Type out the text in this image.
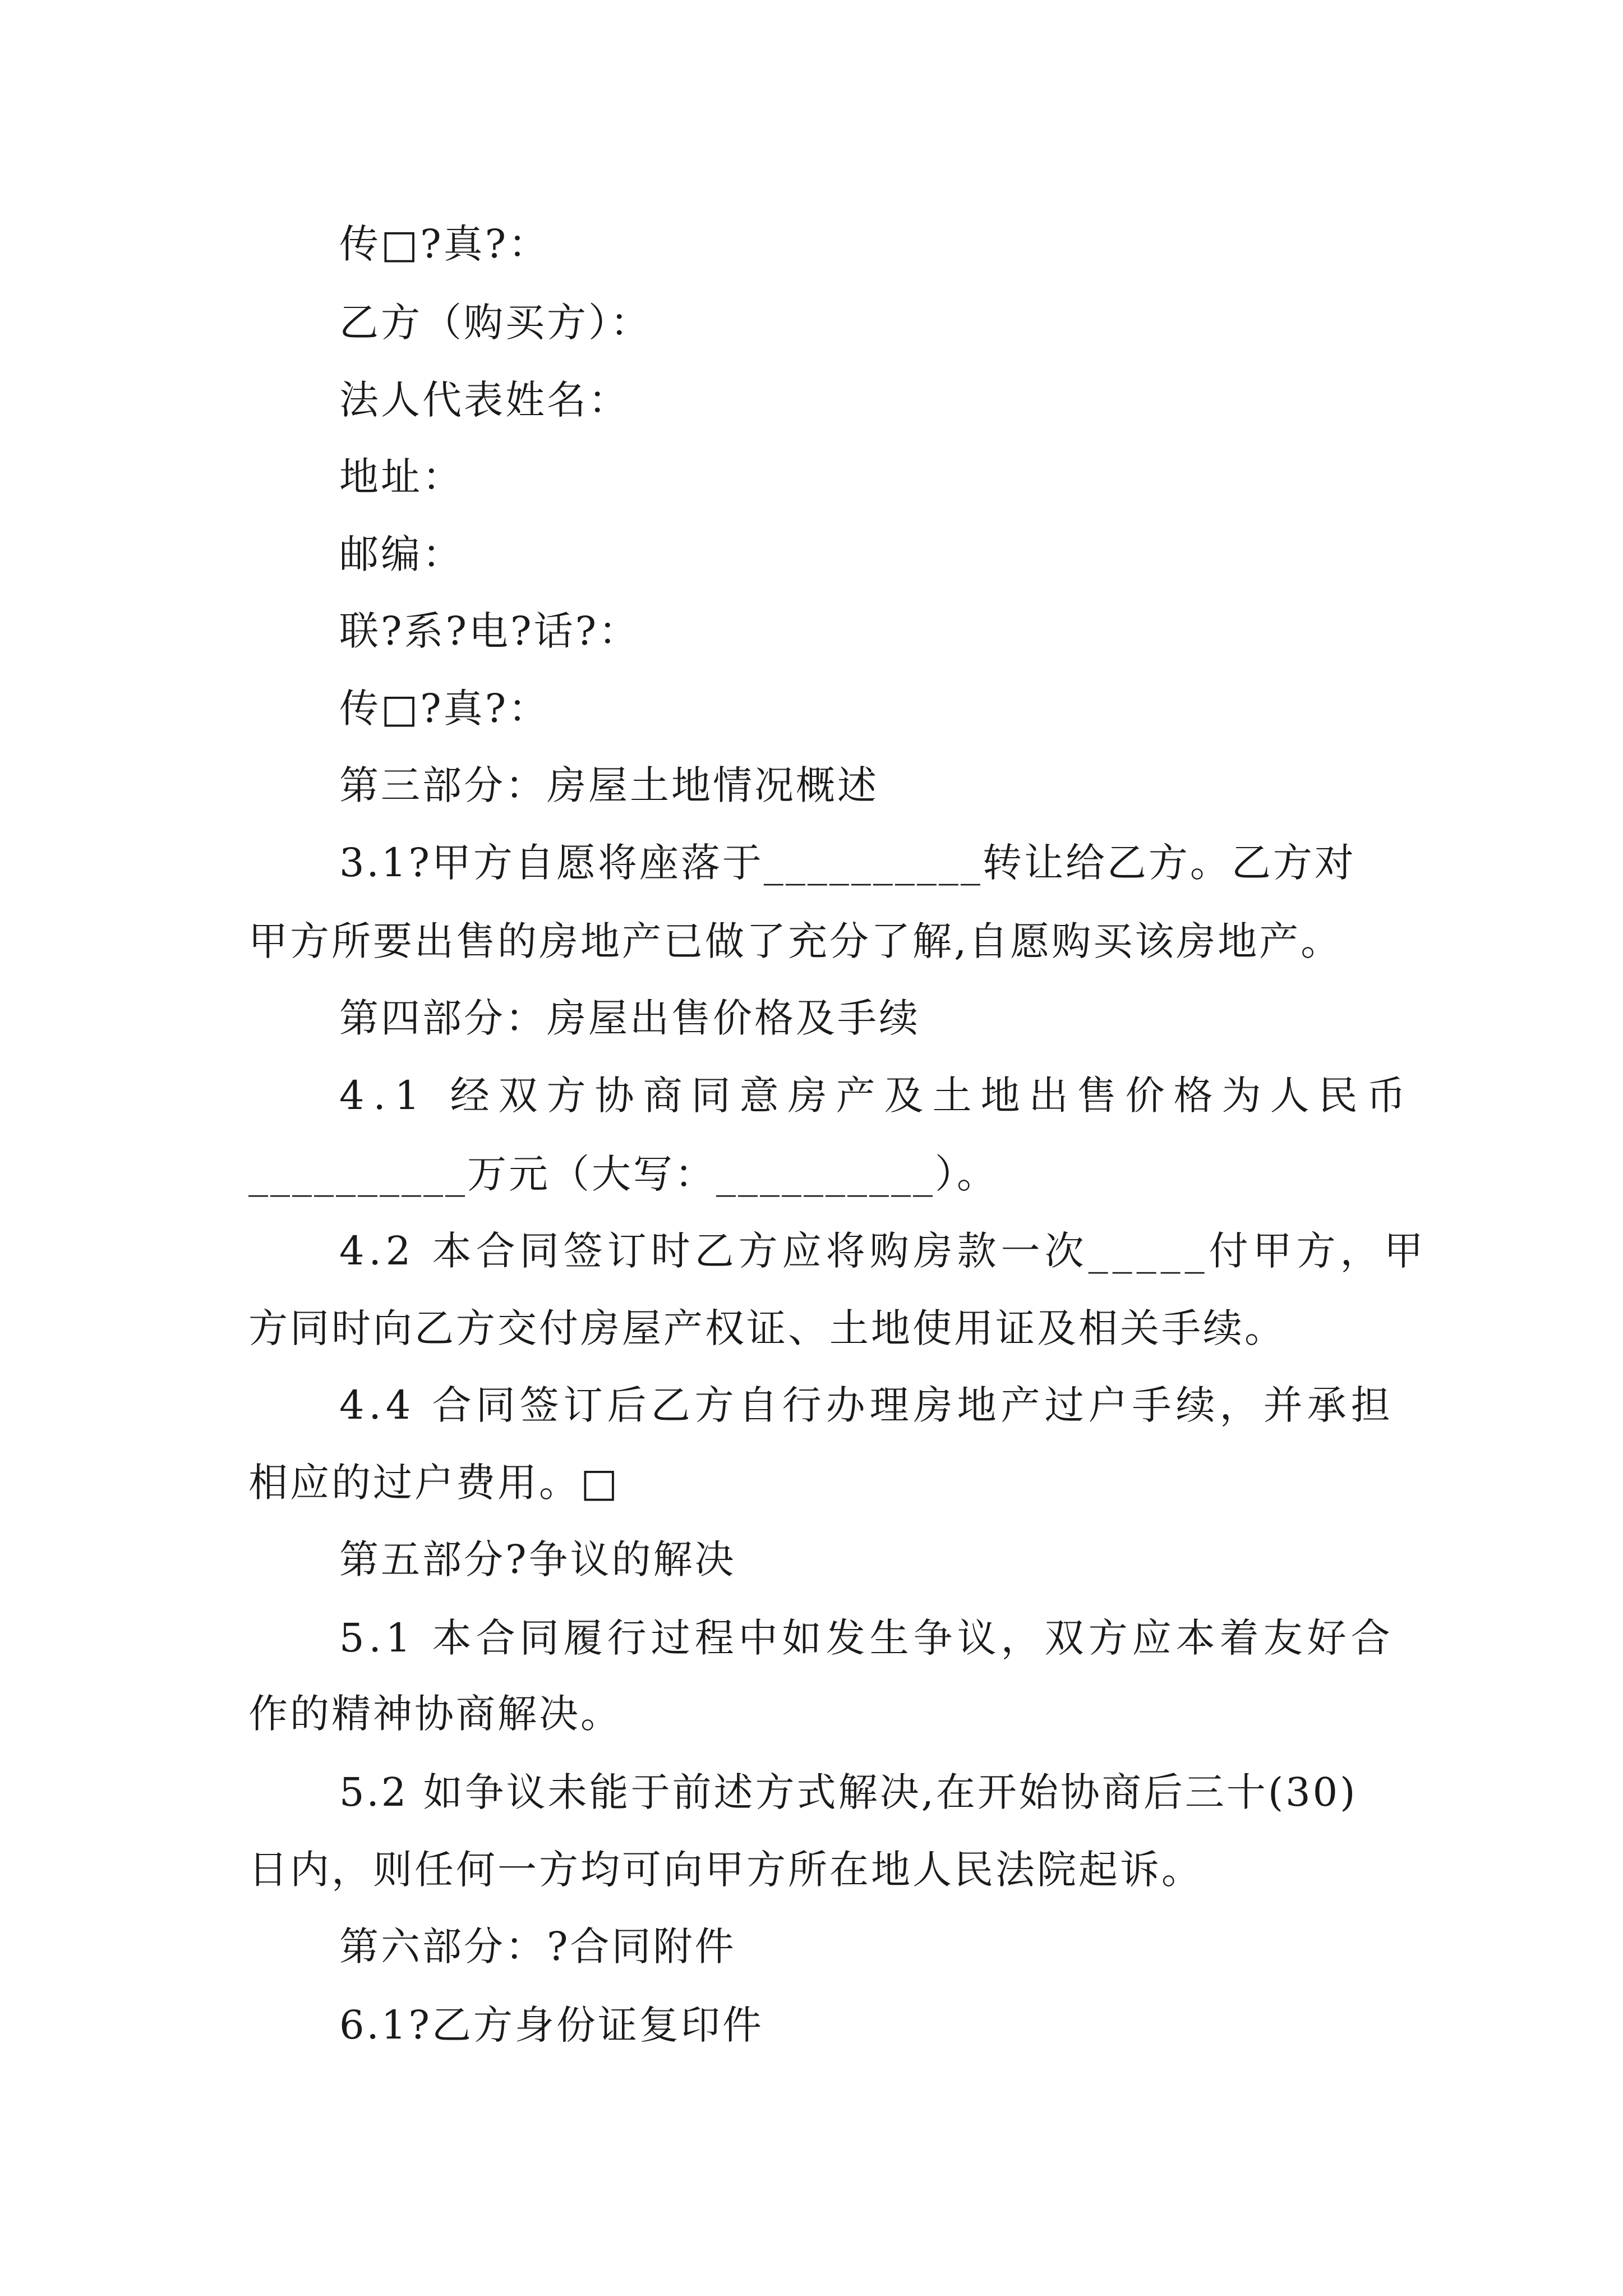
传□?真?：
乙方（购买方）：
法人代表姓名：
地址：
邮编：
联?系?电?话?：
传□?真?：
第三部分：房屋土地情况概述
3.1?甲方自愿将座落于__________转让给乙方。乙方对
甲方所要出售的房地产已做了充分了解,自愿购买该房地产。
第四部分：房屋出售价格及手续
4.1 经双方协商同意房产及土地出售价格为人民币
__________万元（大写：__________）。
4.2 本合同签订时乙方应将购房款一次_____付甲方，甲
方同时向乙方交付房屋产权证、土地使用证及相关手续。
4.4 合同签订后乙方自行办理房地产过户手续，并承担
相应的过户费用。□
第五部分?争议的解决
5.1 本合同履行过程中如发生争议，双方应本着友好合
作的精神协商解决。
5.2 如争议未能于前述方式解决,在开始协商后三十(30)
日内，则任何一方均可向甲方所在地人民法院起诉。
第六部分：?合同附件
6.1?乙方身份证复印件
